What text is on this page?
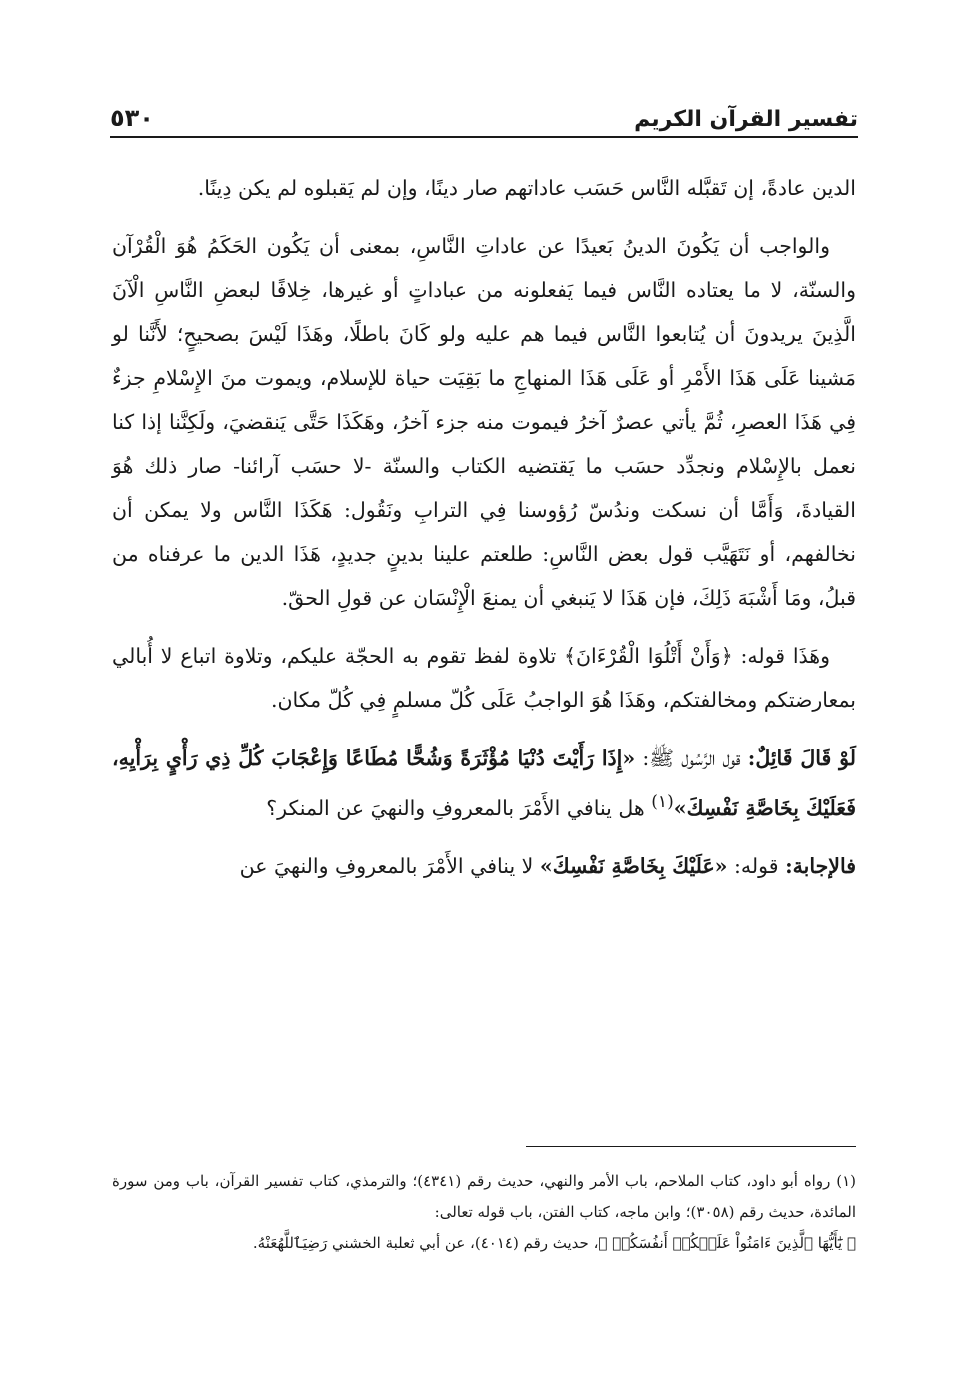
تفسير القرآن الكريم
٥٣٠

الدين عادةً، إن تَقبَّله النَّاس حَسَب عاداتهم صار دينًا، وإن لم يَقبلوه لم يكن دِينًا.

والواجب أن يَكُونَ الدينُ بَعيدًا عن عاداتِ النَّاسِ، بمعنى أن يَكُون الحَكَمُ هُوَ الْقُرْآن والسنّة، لا ما يعتاده النَّاس فيما يَفعلونه من عباداتٍ أو غيرها، خِلافًا لبعضِ النَّاسِ الْآنَ الَّذِينَ يريدونَ أن يُتابعوا النَّاس فيما هم عليه ولو كَانَ باطلًا، وهَذَا لَيْسَ بصحيحٍ؛ لأَنَّنا لو مَشينا عَلَى هَذَا الأَمْرِ أو عَلَى هَذَا المنهاجِ ما بَقِيَت حياة للإسلام، ويموت منَ الإِسْلامِ جزءٌ فِي هَذَا العصرِ، ثُمَّ يأتي عصرٌ آخرُ فيموت منه جزء آخرُ، وهَكَذَا حَتَّى يَنقضيَ، ولَكِنَّنا إذا كنا نعمل بالإِسْلام ونجدِّد حسَب ما يَقتضيه الكتاب والسنّة -لا حسَب آرائنا- صار ذلك هُوَ القيادةَ، وَأَمَّا أن نسكت وندُسّ رُؤوسنا فِي الترابِ ونَقُول: هَكَذَا النَّاس ولا يمكن أن نخالفهم، أو نَتَهَيَّب قول بعض النَّاسِ: طلعتم علينا بدينٍ جديدٍ، هَذَا الدين ما عرفناه من قبلُ، ومَا أَشْبَهَ ذَلِكَ، فإن هَذَا لا يَنبغي أن يمنعَ الْإِنْسَان عن قولِ الحقّ.

وهَذَا قوله: ﴿وَأَنْ أَتْلُوَا الْقُرْءَانَ﴾ تلاوة لفظ تقوم به الحجّة عليكم، وتلاوة اتباع لا أُبالي بمعارضتكم ومخالفتكم، وهَذَا هُوَ الواجبُ عَلَى كُلّ مسلمٍ فِي كُلّ مكان.

لَوْ قَالَ قَائِلٌ: قول الرَّسُول ﷺ: «إِذَا رَأَيْتَ دُنْيَا مُؤْثَرَةً وَشُحًّا مُطَاعًا وَإِعْجَابَ كُلِّ ذِي رَأْيٍ بِرَأْيِهِ، فَعَلَيْكَ بِخَاصَّةِ نَفْسِكَ»$^{(١)}$ هل ينافي الأَمْرَ بالمعروفِ والنهيَ عن المنكر؟

فالإجابة: قوله: «عَلَيْكَ بِخَاصَّةِ نَفْسِكَ» لا ينافي الأَمْرَ بالمعروفِ والنهيَ عن

(١) رواه أبو داود، كتاب الملاحم، باب الأمر والنهي، حديث رقم (٤٣٤١)؛ والترمذي، كتاب تفسير القرآن، باب ومن سورة المائدة، حديث رقم (٣٠٥٨)؛ وابن ماجه، كتاب الفتن، باب قوله تعالى:

﴿ يَٰٓأَيُّهَا ٱلَّذِينَ ءَامَنُواْ عَلَيۡكُمۡ أَنفُسَكُمۡ ﴾، حديث رقم (٤٠١٤)، عن أبي ثعلبة الخشني رَضِيَٱللَّهُعَنْهُ.
